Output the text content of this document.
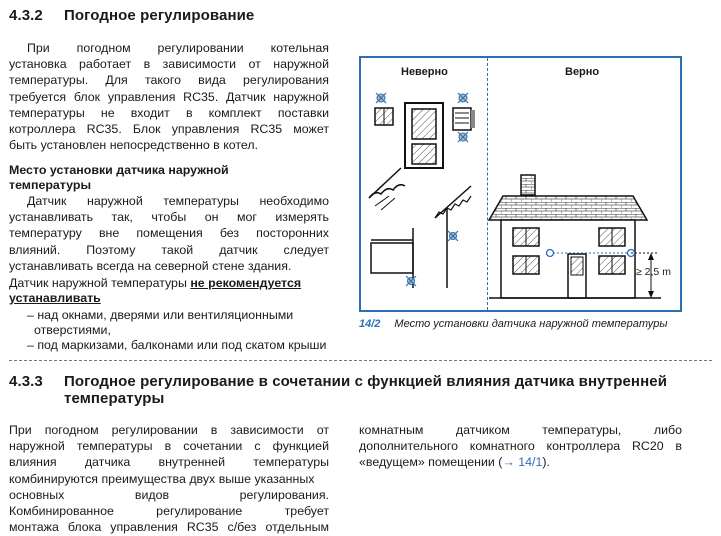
4.3.2 Погодное регулирование
При погодном регулировании котельная
установка работает в зависимости от наружной
температуры. Для такого вида регулирования
требуется блок управления RC35. Датчик наружной
температуры не входит в комплект поставки
котроллера RC35. Блок управления RC35 может
быть установлен непосредственно в котел.
Место установки датчика наружной
температуры
Датчик наружной температуры необходимо
устанавливать так, чтобы он мог измерять
температуру вне помещения без посторонних
влияний. Поэтому такой датчик следует
устанавливать всегда на северной стене здания.
Датчик наружной температуры не рекомендуется
устанавливать
– над окнами, дверями или вентиляционными
отверстиями,
– под маркизами, балконами или под скатом крыши
Неверно	Верно
≥ 2,5 m
14/2 Место установки датчика наружной температуры
4.3.3 Погодное регулирование в сочетании с функцией влияния датчика внутренней
температуры
При погодном регулировании в зависимости от
наружной температуры в сочетании с функцией
влияния датчика внутренней температуры
комбинируются преимущества двух выше указанных
основных видов регулирования.
Комбинированное регулирование требует
монтажа блока управления RC35 с/без отдельным
комнатным датчиком температуры, либо
дополнительного комнатного контроллера RC20 в
«ведущем» помещении (→ 14/1).
